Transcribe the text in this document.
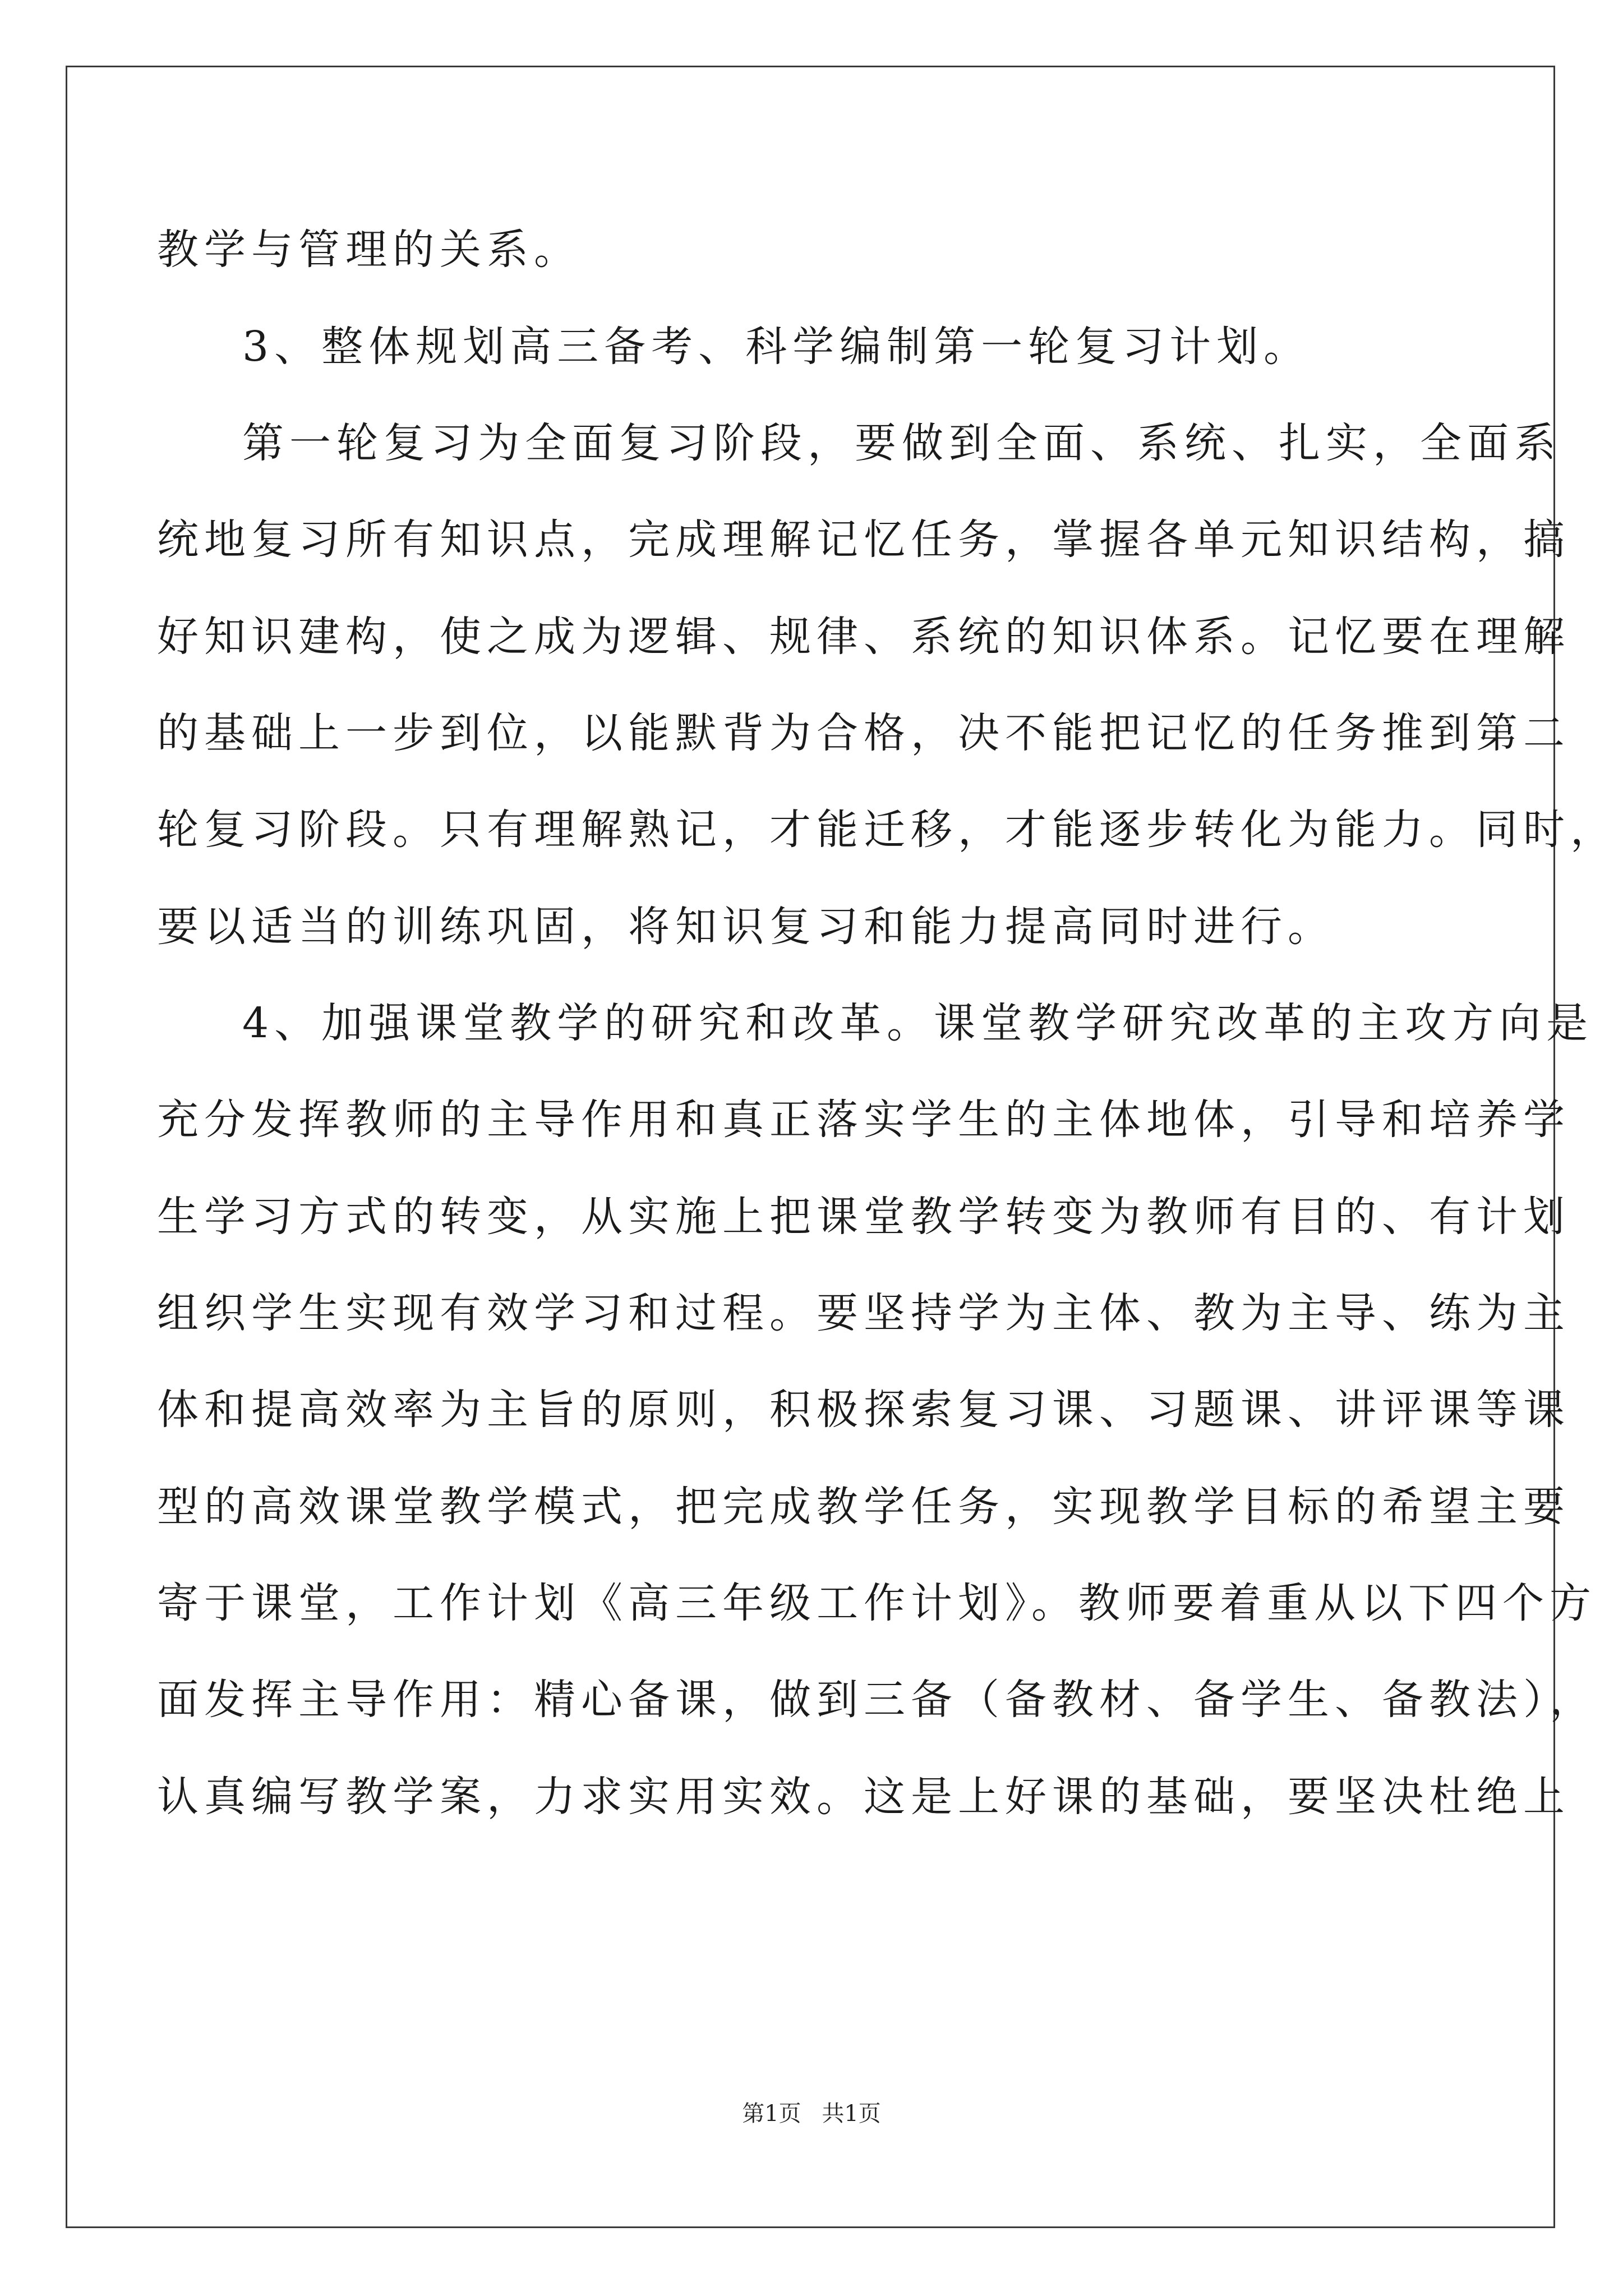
教学与管理的关系。
3、整体规划高三备考、科学编制第一轮复习计划。
第一轮复习为全面复习阶段，要做到全面、系统、扎实，全面系
统地复习所有知识点，完成理解记忆任务，掌握各单元知识结构，搞
好知识建构，使之成为逻辑、规律、系统的知识体系。记忆要在理解
的基础上一步到位，以能默背为合格，决不能把记忆的任务推到第二
轮复习阶段。只有理解熟记，才能迁移，才能逐步转化为能力。同时，
要以适当的训练巩固，将知识复习和能力提高同时进行。
4、加强课堂教学的研究和改革。课堂教学研究改革的主攻方向是
充分发挥教师的主导作用和真正落实学生的主体地体，引导和培养学
生学习方式的转变，从实施上把课堂教学转变为教师有目的、有计划
组织学生实现有效学习和过程。要坚持学为主体、教为主导、练为主
体和提高效率为主旨的原则，积极探索复习课、习题课、讲评课等课
型的高效课堂教学模式，把完成教学任务，实现教学目标的希望主要
寄于课堂，工作计划《高三年级工作计划》。教师要着重从以下四个方
面发挥主导作用：精心备课，做到三备（备教材、备学生、备教法），
认真编写教学案，力求实用实效。这是上好课的基础，要坚决杜绝上
第1页 共1页
